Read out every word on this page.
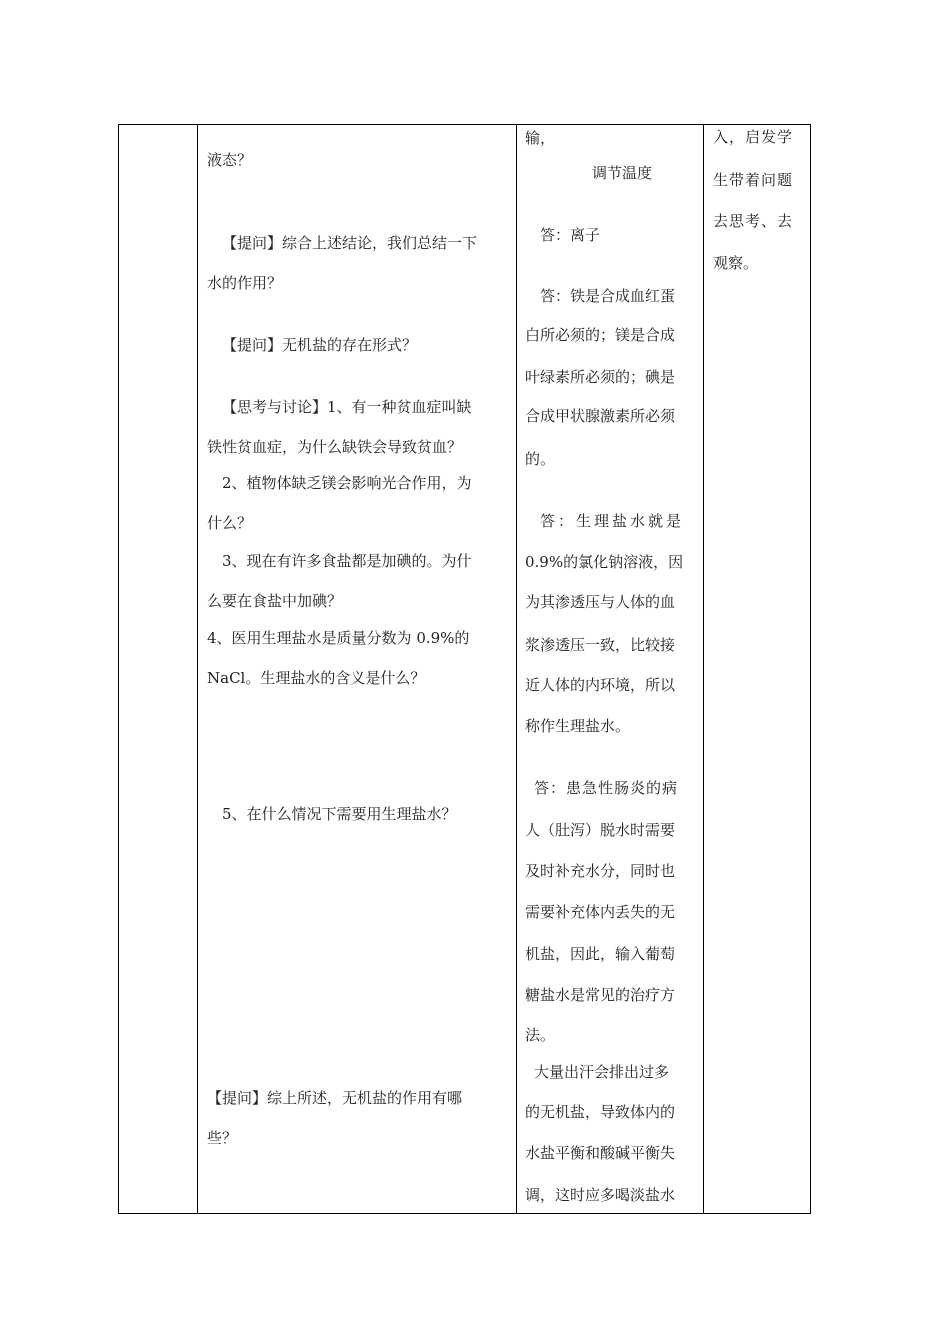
液态？
【提问】综合上述结论，我们总结一下
水的作用？
【提问】无机盐的存在形式？
【思考与讨论】1、有一种贫血症叫缺
铁性贫血症，为什么缺铁会导致贫血？
2、植物体缺乏镁会影响光合作用，为
什么？
3、现在有许多食盐都是加碘的。为什
么要在食盐中加碘？
4、医用生理盐水是质量分数为 0.9%的
NaCl。生理盐水的含义是什么？
5、在什么情况下需要用生理盐水？
【提问】综上所述，无机盐的作用有哪
些？
输，
调节温度
答：离子
答：铁是合成血红蛋
白所必须的；镁是合成
叶绿素所必须的；碘是
合成甲状腺激素所必须
的。
答：生理盐水就是
0.9%的氯化钠溶液，因
为其渗透压与人体的血
浆渗透压一致，比较接
近人体的内环境，所以
称作生理盐水。
答：患急性肠炎的病
人（肚泻）脱水时需要
及时补充水分，同时也
需要补充体内丢失的无
机盐，因此，输入葡萄
糖盐水是常见的治疗方
法。
大量出汗会排出过多
的无机盐，导致体内的
水盐平衡和酸碱平衡失
调，这时应多喝淡盐水
入，启发学
生带着问题
去思考、去
观察。
